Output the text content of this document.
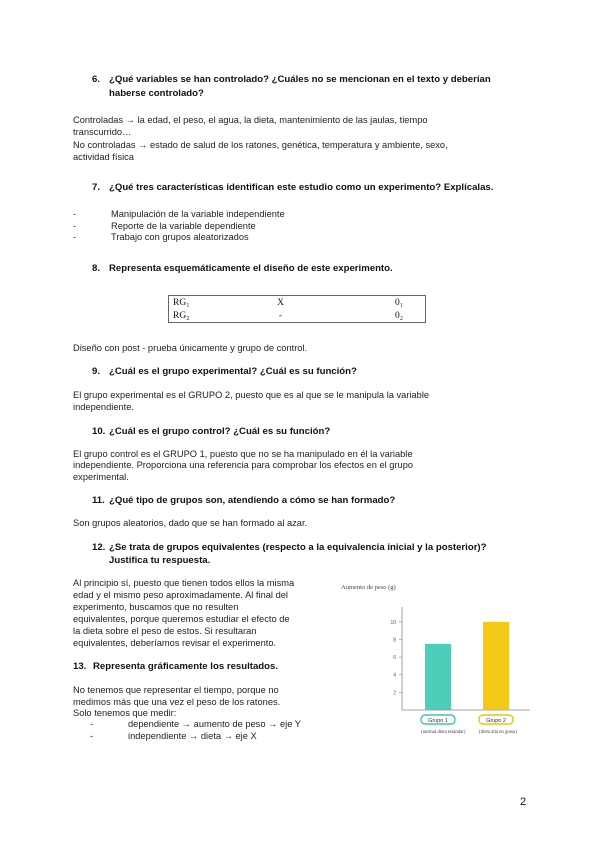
6. ¿Qué variables se han controlado? ¿Cuáles no se mencionan en el texto y deberían
haberse controlado?
Controladas → la edad, el peso, el agua, la dieta, mantenimiento de las jaulas, tiempo
transcurrido…
No controladas → estado de salud de los ratones, genética, temperatura y ambiente, sexo,
actividad física
7. ¿Qué tres características identifican este estudio como un experimento? Explícalas.
- Manipulación de la variable independiente
- Reporte de la variable dependiente
- Trabajo con grupos aleatorizados
8. Representa esquemáticamente el diseño de este experimento.
RG₁	X	0₁
RG₂	-	0₂
Diseño con post - prueba únicamente y grupo de control.
9. ¿Cuál es el grupo experimental? ¿Cuál es su función?
El grupo experimental es el GRUPO 2, puesto que es al que se le manipula la variable
independiente.
10. ¿Cuál es el grupo control? ¿Cuál es su función?
El grupo control es el GRUPO 1, puesto que no se ha manipulado en él la variable
independiente. Proporciona una referencia para comprobar los efectos en el grupo
experimental.
11. ¿Qué tipo de grupos son, atendiendo a cómo se han formado?
Son grupos aleatorios, dado que se han formado al azar.
12. ¿Se trata de grupos equivalentes (respecto a la equivalencia inicial y la posterior)?
Justifica tu respuesta.
Al principio sí, puesto que tienen todos ellos la misma
edad y el mismo peso aproximadamente. Al final del
experimento, buscamos que no resulten
equivalentes, porque queremos estudiar el efecto de
la dieta sobre el peso de estos. Si resultaran
equivalentes, deberíamos revisar el experimento.
13. Representa gráficamente los resultados.
No tenemos que representar el tiempo, porque no
medimos más que una vez el peso de los ratones.
Solo tenemos que medir:
- dependiente → aumento de peso → eje Y
- independiente → dieta → eje X
Aumento de peso (g)
2
4
6
8
10
Grupo 1
(normal dieta estándar)
Grupo 2
(dieta alta en grasa)
2
